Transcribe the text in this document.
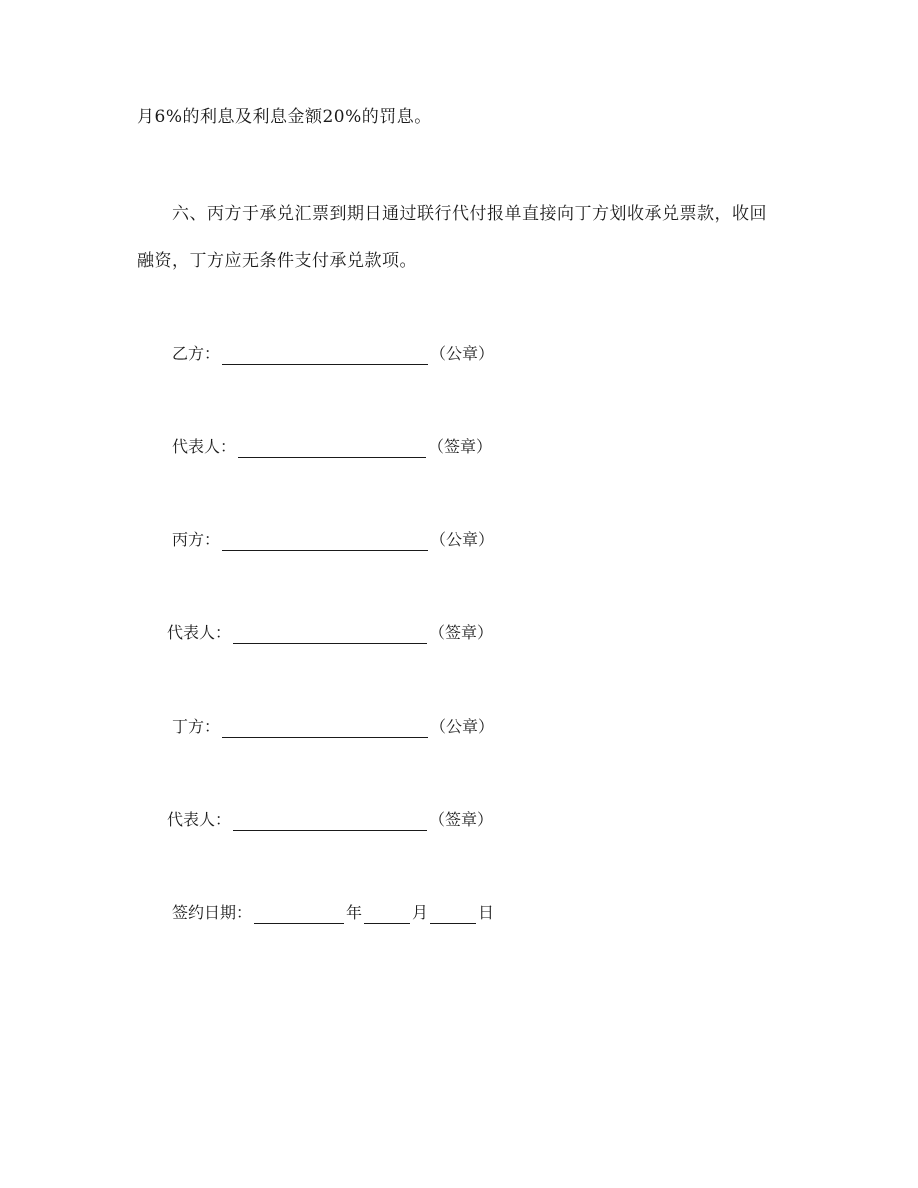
月6%的利息及利息金额20%的罚息。
六、丙方于承兑汇票到期日通过联行代付报单直接向丁方划收承兑票款，收回
融资，丁方应无条件支付承兑款项。
乙方：	（公章）
代表人：	（签章）
丙方：	（公章）
代表人：	（签章）
丁方：	（公章）
代表人：	（签章）
签约日期：	年	月	日
